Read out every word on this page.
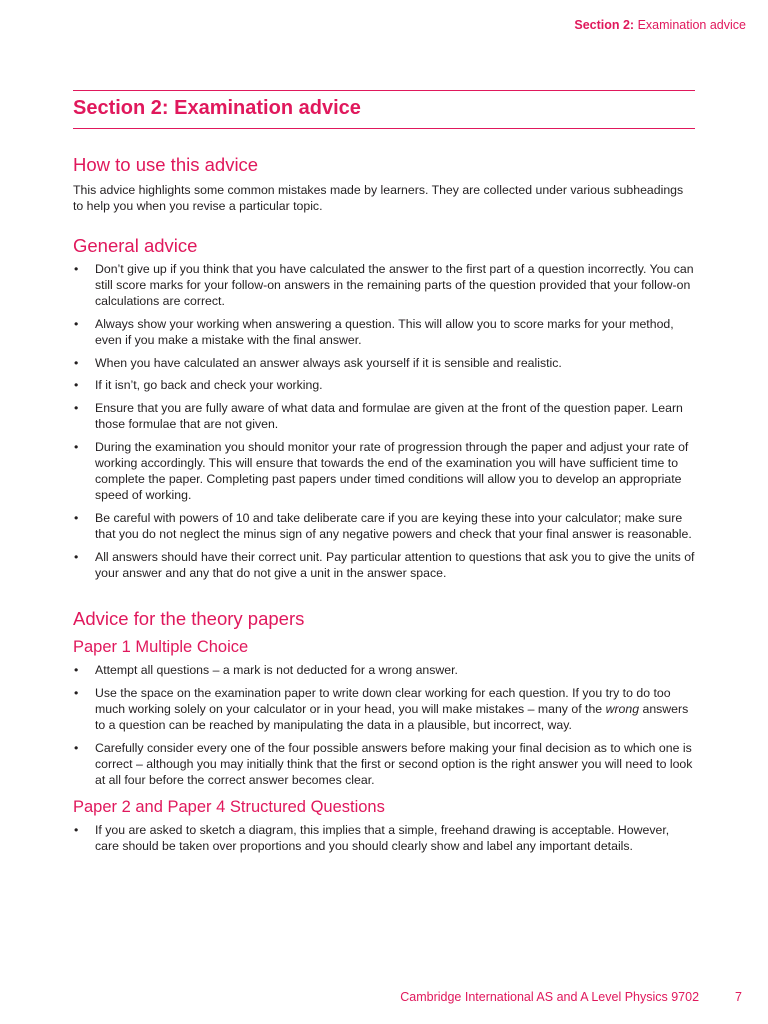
Section 2: Examination advice
Section 2: Examination advice
How to use this advice

This advice highlights some common mistakes made by learners. They are collected under various subheadings to help you when you revise a particular topic.

General advice
• Don’t give up if you think that you have calculated the answer to the first part of a question incorrectly. You can still score marks for your follow-on answers in the remaining parts of the question provided that your follow-on calculations are correct.
• Always show your working when answering a question. This will allow you to score marks for your method, even if you make a mistake with the final answer.
• When you have calculated an answer always ask yourself if it is sensible and realistic.
• If it isn’t, go back and check your working.
• Ensure that you are fully aware of what data and formulae are given at the front of the question paper. Learn those formulae that are not given.
• During the examination you should monitor your rate of progression through the paper and adjust your rate of working accordingly. This will ensure that towards the end of the examination you will have sufficient time to complete the paper. Completing past papers under timed conditions will allow you to develop an appropriate speed of working.
• Be careful with powers of 10 and take deliberate care if you are keying these into your calculator; make sure that you do not neglect the minus sign of any negative powers and check that your final answer is reasonable.
• All answers should have their correct unit. Pay particular attention to questions that ask you to give the units of your answer and any that do not give a unit in the answer space.
Advice for the theory papers
Paper 1 Multiple Choice
• Attempt all questions – a mark is not deducted for a wrong answer.
• Use the space on the examination paper to write down clear working for each question. If you try to do too much working solely on your calculator or in your head, you will make mistakes – many of the wrong answers to a question can be reached by manipulating the data in a plausible, but incorrect, way.
• Carefully consider every one of the four possible answers before making your final decision as to which one is correct – although you may initially think that the first or second option is the right answer you will need to look at all four before the correct answer becomes clear.
Paper 2 and Paper 4 Structured Questions
• If you are asked to sketch a diagram, this implies that a simple, freehand drawing is acceptable. However, care should be taken over proportions and you should clearly show and label any important details.
Cambridge International AS and A Level Physics 9702	7
